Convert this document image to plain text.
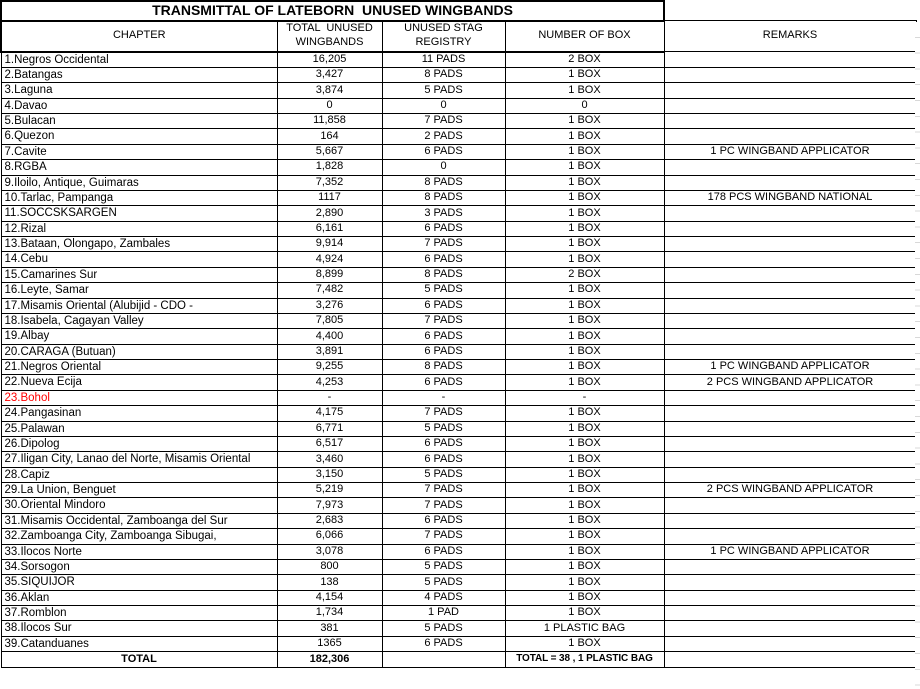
TRANSMITTAL OF LATEBORN  UNUSED WINGBANDS				
CHAPTER	TOTAL  UNUSED WINGBANDS	UNUSED STAG REGISTRY	NUMBER OF BOX	REMARKS
1.Negros Occidental	16,205	11 PADS	2 BOX	
2.Batangas	3,427	8 PADS	1 BOX	
3.Laguna	3,874	5 PADS	1 BOX	
4.Davao	0	0	0	
5.Bulacan	11,858	7 PADS	1 BOX	
6.Quezon	164	2 PADS	1 BOX	
7.Cavite	5,667	6 PADS	1 BOX	1 PC WINGBAND APPLICATOR
8.RGBA	1,828	0	1 BOX	
9.Iloilo, Antique, Guimaras	7,352	8 PADS	1 BOX	
10.Tarlac, Pampanga	1117	8 PADS	1 BOX	178 PCS WINGBAND NATIONAL
11.SOCCSKSARGEN	2,890	3 PADS	1 BOX	
12.Rizal	6,161	6 PADS	1 BOX	
13.Bataan, Olongapo, Zambales	9,914	7 PADS	1 BOX	
14.Cebu	4,924	6 PADS	1 BOX	
15.Camarines Sur	8,899	8 PADS	2 BOX	
16.Leyte, Samar	7,482	5 PADS	1 BOX	
17.Misamis Oriental (Alubijid - CDO -	3,276	6 PADS	1 BOX	
18.Isabela, Cagayan Valley	7,805	7 PADS	1 BOX	
19.Albay	4,400	6 PADS	1 BOX	
20.CARAGA (Butuan)	3,891	6 PADS	1 BOX	
21.Negros Oriental	9,255	8 PADS	1 BOX	1 PC WINGBAND APPLICATOR
22.Nueva Ecija	4,253	6 PADS	1 BOX	2 PCS WINGBAND APPLICATOR
23.Bohol	-	-	-	
24.Pangasinan	4,175	7 PADS	1 BOX	
25.Palawan	6,771	5 PADS	1 BOX	
26.Dipolog	6,517	6 PADS	1 BOX	
27.Iligan City, Lanao del Norte, Misamis Oriental	3,460	6 PADS	1 BOX	
28.Capiz	3,150	5 PADS	1 BOX	
29.La Union, Benguet	5,219	7 PADS	1 BOX	2 PCS WINGBAND APPLICATOR
30.Oriental Mindoro	7,973	7 PADS	1 BOX	
31.Misamis Occidental, Zamboanga del Sur	2,683	6 PADS	1 BOX	
32.Zamboanga City, Zamboanga Sibugai,	6,066	7 PADS	1 BOX	
33.Ilocos Norte	3,078	6 PADS	1 BOX	1 PC WINGBAND APPLICATOR
34.Sorsogon	800	5 PADS	1 BOX	
35.SIQUIJOR	138	5 PADS	1 BOX	
36.Aklan	4,154	4 PADS	1 BOX	
37.Romblon	1,734	1 PAD	1 BOX	
38.Ilocos Sur	381	5 PADS	1 PLASTIC BAG	
39.Catanduanes	1365	6 PADS	1 BOX	
TOTAL	182,306		TOTAL = 38 , 1 PLASTIC BAG	
